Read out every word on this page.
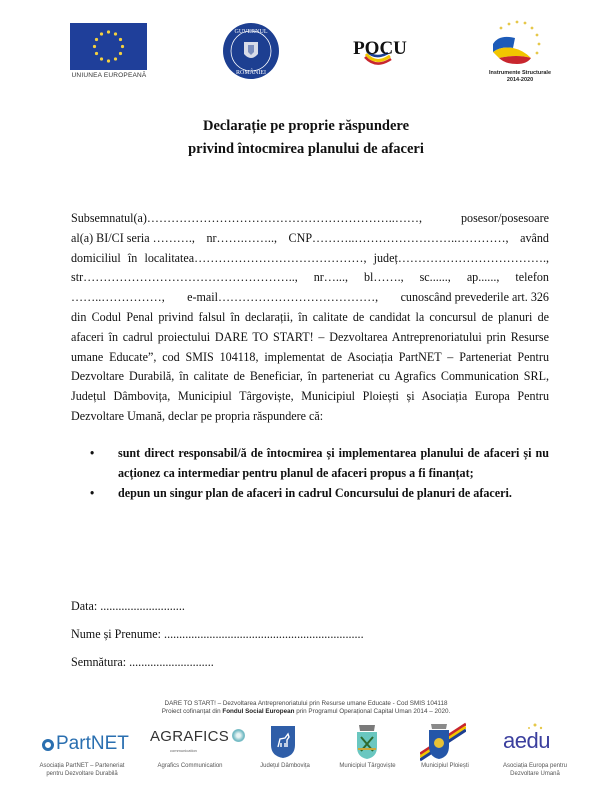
UNIUNEA EUROPEANĂ
GUVERNUL
ROMÂNIEI
POCU
Instrumente Structurale
2014-2020
Declarație pe proprie răspundere
privind întocmirea planului de afaceri
Subsemnatul(a)……………………………………………………..……,	posesor/posesoare
al(a) BI/CI seria ………., nr…….…….., CNP………..……………………..…………, având
domiciliul în localitatea……………………………………, județ……………………………….,
str…………………………………………….., nr…..., bl……., sc......, ap......, telefon
……..……………, e-mail…………………………………, cunoscând prevederile art. 326
din Codul Penal privind falsul în declarații, în calitate de candidat la concursul de planuri de
afaceri în cadrul proiectului DARE TO START! – Dezvoltarea Antreprenoriatului prin Resurse
umane Educate”, cod SMIS 104118, implementat de Asociația PartNET – Parteneriat Pentru
Dezvoltare Durabilă, în calitate de Beneficiar, în parteneriat cu Agrafics Communication SRL,
Județul Dâmbovița, Municipiul Târgoviște, Municipiul Ploiești și Asociația Europa Pentru
Dezvoltare Umană, declar pe propria răspundere că:
• sunt direct responsabil/ă de întocmirea și implementarea planului de afaceri și nu
acționez ca intermediar pentru planul de afaceri propus a fi finanțat;
• depun un singur plan de afaceri in cadrul Concursului de planuri de afaceri.
Data: ............................
Nume și Prenume: ..................................................................
Semnătura: ............................
DARE TO START! – Dezvoltarea Antreprenoriatului prin Resurse umane Educate - Cod SMIS 104118
Proiect cofinanțat din Fondul Social European prin Programul Operațional Capital Uman 2014 – 2020.
PartNET
Asociația PartNET – Parteneriat
pentru Dezvoltare Durabilă
AGRAFICS
communication
Agrafics Communication	Județul Dâmbovița	Municipiul Târgoviște	Municipiul Ploiești
aedu
Asociația Europa pentru
Dezvoltare Umană
